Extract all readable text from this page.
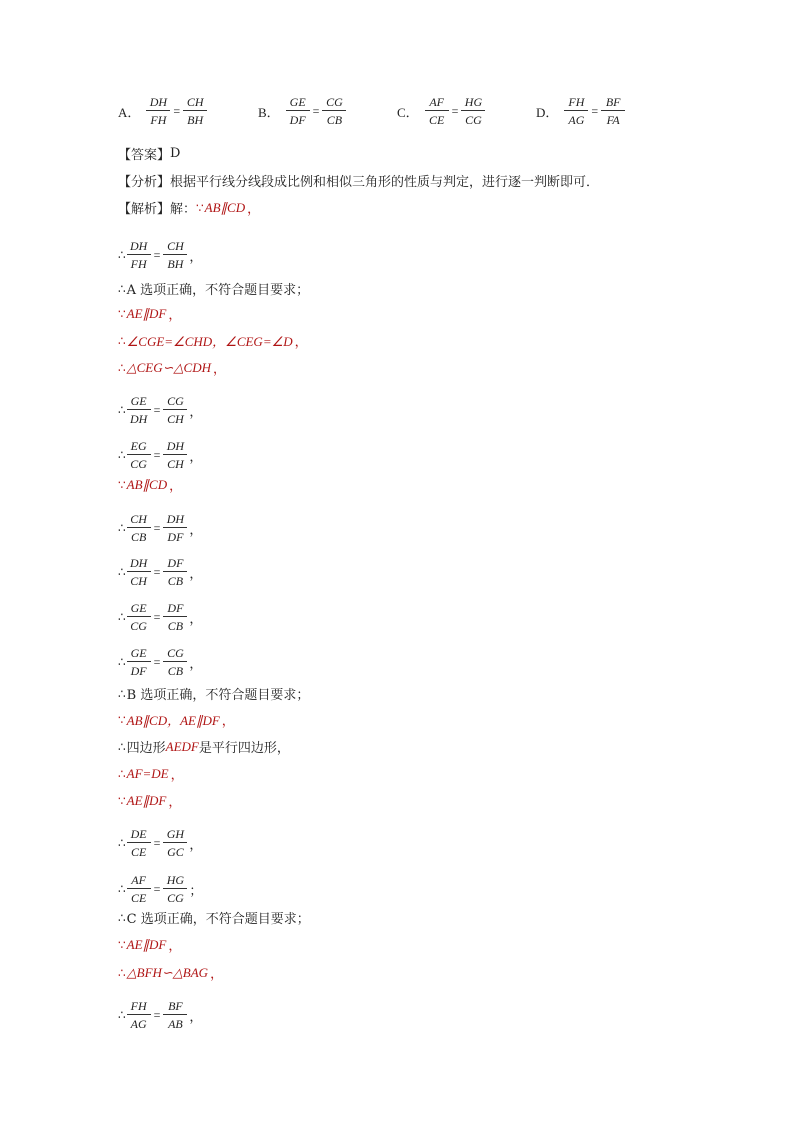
A． $\frac{DH}{FH} = \frac{CH}{BH}$	B． $\frac{GE}{DF} = \frac{CG}{CB}$	C． $\frac{AF}{CE} = \frac{HG}{CG}$	D． $\frac{FH}{AG} = \frac{BF}{FA}$
【答案】 D
【分析】 根据平行线分线段成比例和相似三角形的性质与判定，进行逐一判断即可．
【解析】 解： ∵ AB∥CD ，
∴ $\frac{DH}{FH} = \frac{CH}{BH}$ ，
∴ A 选项正确，不符合题目要求；
∵ AE∥DF ，
∴ ∠CGE=∠CHD，∠CEG=∠D ，
∴ △CEG∽△CDH ，
∴ $\frac{GE}{DH} = \frac{CG}{CH}$ ，
∴ $\frac{EG}{CG} = \frac{DH}{CH}$ ，
∵ AB∥CD ，
∴ $\frac{CH}{CB} = \frac{DH}{DF}$ ，
∴ $\frac{DH}{CH} = \frac{DF}{CB}$ ，
∴ $\frac{GE}{CG} = \frac{DF}{CB}$ ，
∴ $\frac{GE}{DF} = \frac{CG}{CB}$ ，
∴ B 选项正确，不符合题目要求；
∵ AB∥CD，AE∥DF ，
∴ 四边形 AEDF 是平行四边形，
∴ AF=DE ，
∵ AE∥DF ，
∴ $\frac{DE}{CE} = \frac{GH}{GC}$ ，
∴ $\frac{AF}{CE} = \frac{HG}{CG}$ ；
∴ C 选项正确，不符合题目要求；
∵ AE∥DF ，
∴ △BFH∽△BAG ，
∴ $\frac{FH}{AG} = \frac{BF}{AB}$ ，
